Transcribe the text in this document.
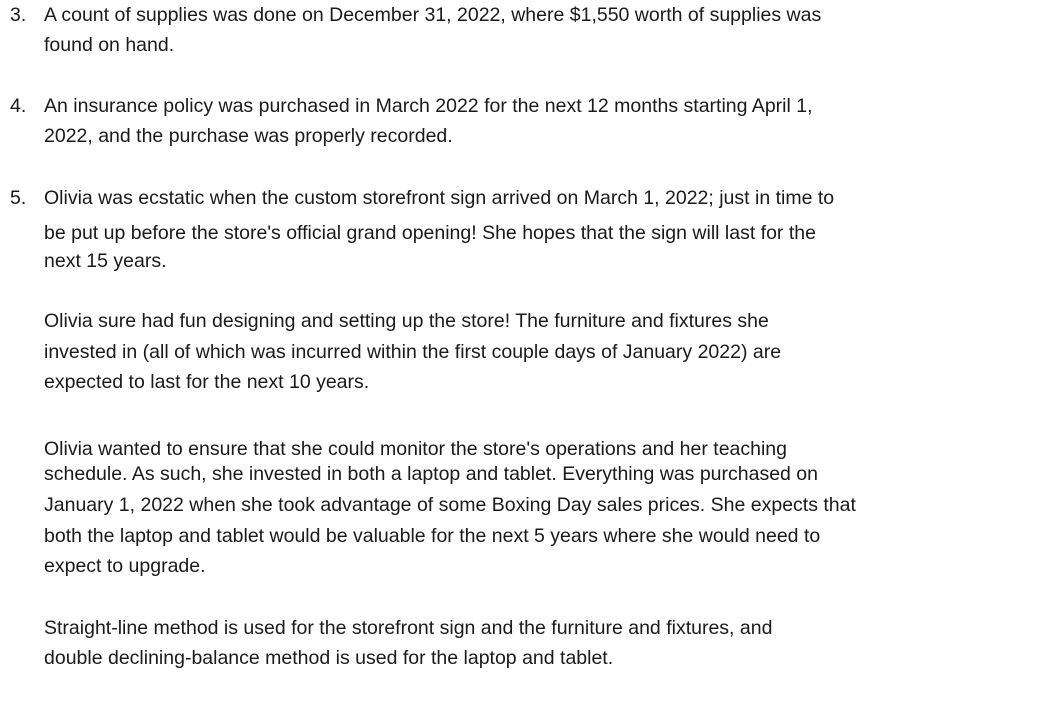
3. A count of supplies was done on December 31, 2022, where $1,550 worth of supplies was
found on hand.
4. An insurance policy was purchased in March 2022 for the next 12 months starting April 1,
2022, and the purchase was properly recorded.
5. Olivia was ecstatic when the custom storefront sign arrived on March 1, 2022; just in time to
be put up before the store's official grand opening! She hopes that the sign will last for the
next 15 years.
Olivia sure had fun designing and setting up the store! The furniture and fixtures she
invested in (all of which was incurred within the first couple days of January 2022) are
expected to last for the next 10 years.
Olivia wanted to ensure that she could monitor the store's operations and her teaching
schedule. As such, she invested in both a laptop and tablet. Everything was purchased on
January 1, 2022 when she took advantage of some Boxing Day sales prices. She expects that
both the laptop and tablet would be valuable for the next 5 years where she would need to
expect to upgrade.
Straight-line method is used for the storefront sign and the furniture and fixtures, and
double declining-balance method is used for the laptop and tablet.
